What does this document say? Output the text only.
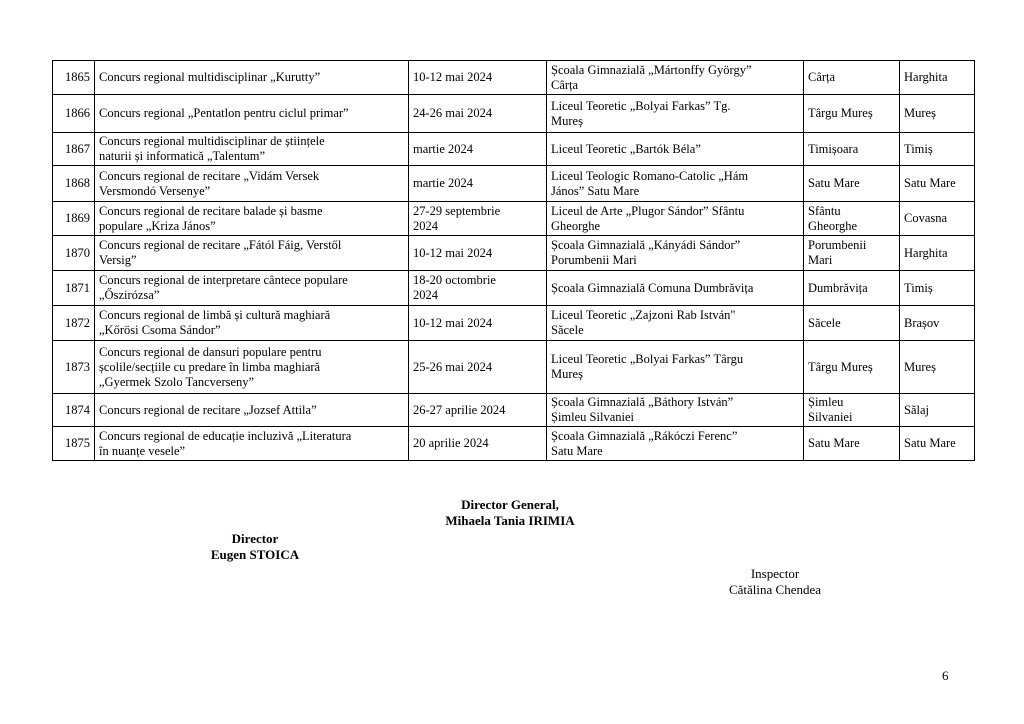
1865	Concurs regional multidisciplinar „Kurutty”	10-12 mai 2024	Școala Gimnazială „Mártonffy György”
Cârța	Cârța	Harghita

1866	Concurs regional „Pentatlon pentru ciclul primar”	24-26 mai 2024	Liceul Teoretic „Bolyai Farkas” Tg.
Mureș	Târgu Mureș	Mureș

1867	Concurs regional multidisciplinar de științele
naturii și informatică „Talentum”	martie 2024	Liceul Teoretic „Bartók Béla”	Timișoara	Timiș

1868	Concurs regional de recitare „Vidám Versek
Versmondó Versenye”	martie 2024	Liceul Teologic Romano-Catolic „Hám
János” Satu Mare	Satu Mare	Satu Mare

1869	Concurs regional de recitare balade și basme
populare „Kriza János”	27-29 septembrie
2024	Liceul de Arte „Plugor Sándor” Sfântu
Gheorghe	Sfântu
Gheorghe	Covasna

1870	Concurs regional de recitare „Fától Fáig, Verstől
Versig”	10-12 mai 2024	Școala Gimnazială „Kányádi Sándor”
Porumbenii Mari	Porumbenii
Mari	Harghita

1871	Concurs regional de interpretare cântece populare
„Őszirózsa”	18-20 octombrie
2024	Școala Gimnazială Comuna Dumbrăvița	Dumbrăvița	Timiș

1872	Concurs regional de limbă și cultură maghiară
„Kőrösi Csoma Sándor”	10-12 mai 2024	Liceul Teoretic „Zajzoni Rab István"
Săcele	Săcele	Brașov

1873	Concurs regional de dansuri populare pentru
școlile/secțiile cu predare în limba maghiară
„Gyermek Szolo Tancverseny”	25-26 mai 2024	Liceul Teoretic „Bolyai Farkas” Târgu
Mureș	Târgu Mureș	Mureș

1874	Concurs regional de recitare „Jozsef Attila”	26-27 aprilie 2024	Școala Gimnazială „Báthory István”
Șimleu Silvaniei	Șimleu
Silvaniei	Sălaj

1875	Concurs regional de educație incluzivă „Literatura
în nuanțe vesele”	20 aprilie 2024	Școala Gimnazială „Rákóczi Ferenc”
Satu Mare	Satu Mare	Satu Mare
Director General,
Mihaela Tania IRIMIA
Director
Eugen STOICA
Inspector
Cătălina Chendea
6
